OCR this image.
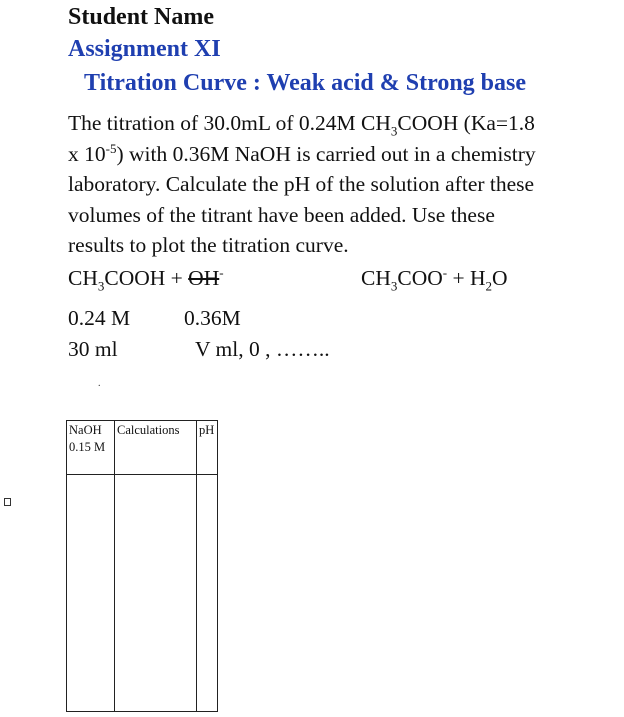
Student Name
Assignment XI
Titration Curve : Weak acid & Strong base
The titration of 30.0mL of 0.24M $CH_3COOH$ (Ka=1.8
x $10^{-5}$) with 0.36M NaOH is carried out in a chemistry
laboratory. Calculate the pH of the solution after these
volumes of the titrant have been added. Use these
results to plot the titration curve.
$CH_3COOH + OH^-$	$CH_3COO^- + H_2O$
0.24 M	0.36M
30 ml	V ml, 0 , ……..
.
NaOH
0.15 M	Calculations	pH
